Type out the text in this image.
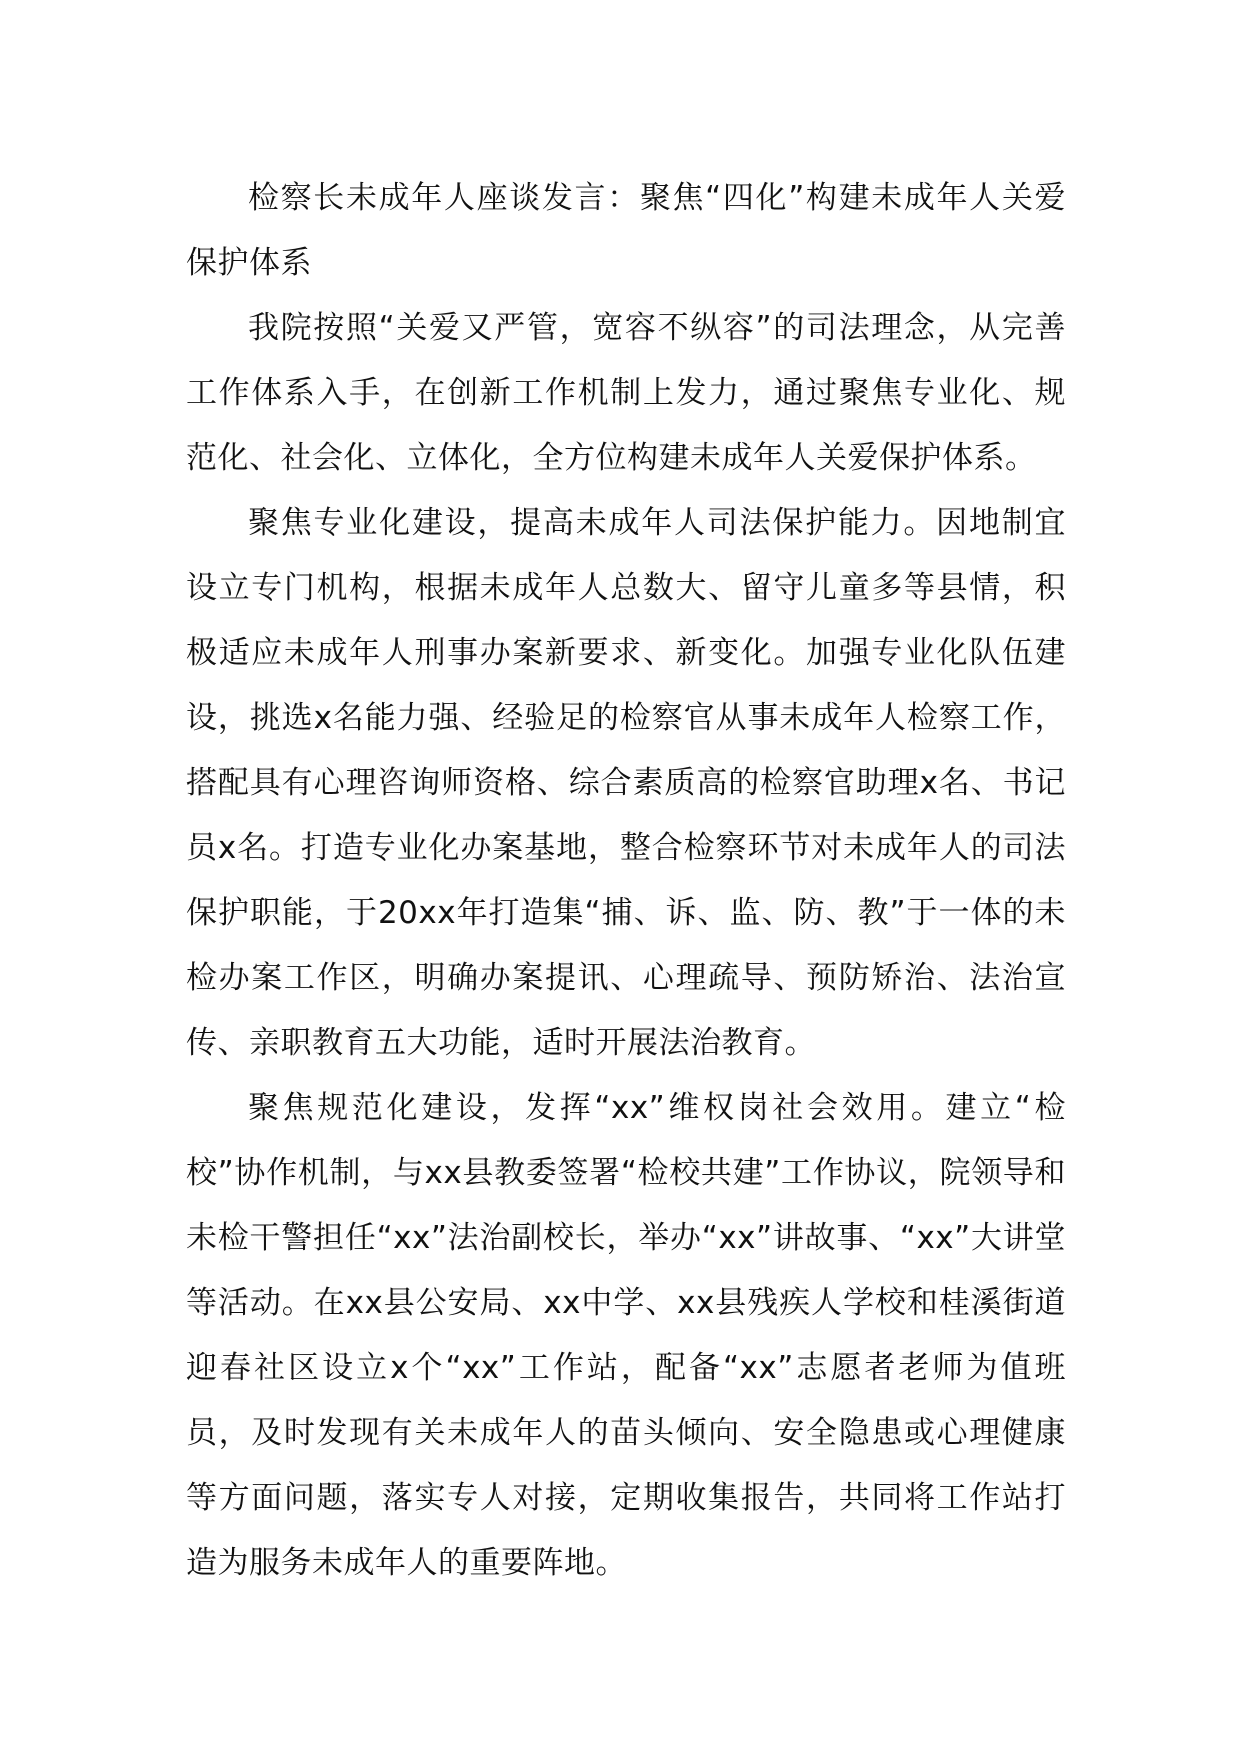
检察长未成年人座谈发言：聚焦“四化”构建未成年人关爱保护体系

我院按照“关爱又严管，宽容不纵容”的司法理念，从完善工作体系入手，在创新工作机制上发力，通过聚焦专业化、规范化、社会化、立体化，全方位构建未成年人关爱保护体系。

聚焦专业化建设，提高未成年人司法保护能力。因地制宜设立专门机构，根据未成年人总数大、留守儿童多等县情，积极适应未成年人刑事办案新要求、新变化。加强专业化队伍建设，挑选x名能力强、经验足的检察官从事未成年人检察工作，搭配具有心理咨询师资格、综合素质高的检察官助理x名、书记员x名。打造专业化办案基地，整合检察环节对未成年人的司法保护职能，于20xx年打造集“捕、诉、监、防、教”于一体的未检办案工作区，明确办案提讯、心理疏导、预防矫治、法治宣传、亲职教育五大功能，适时开展法治教育。

聚焦规范化建设，发挥“xx”维权岗社会效用。建立“检校”协作机制，与xx县教委签署“检校共建”工作协议，院领导和未检干警担任“xx”法治副校长，举办“xx”讲故事、“xx”大讲堂等活动。在xx县公安局、xx中学、xx县残疾人学校和桂溪街道迎春社区设立x个“xx”工作站，配备“xx”志愿者老师为值班员，及时发现有关未成年人的苗头倾向、安全隐患或心理健康等方面问题，落实专人对接，定期收集报告，共同将工作站打造为服务未成年人的重要阵地。
